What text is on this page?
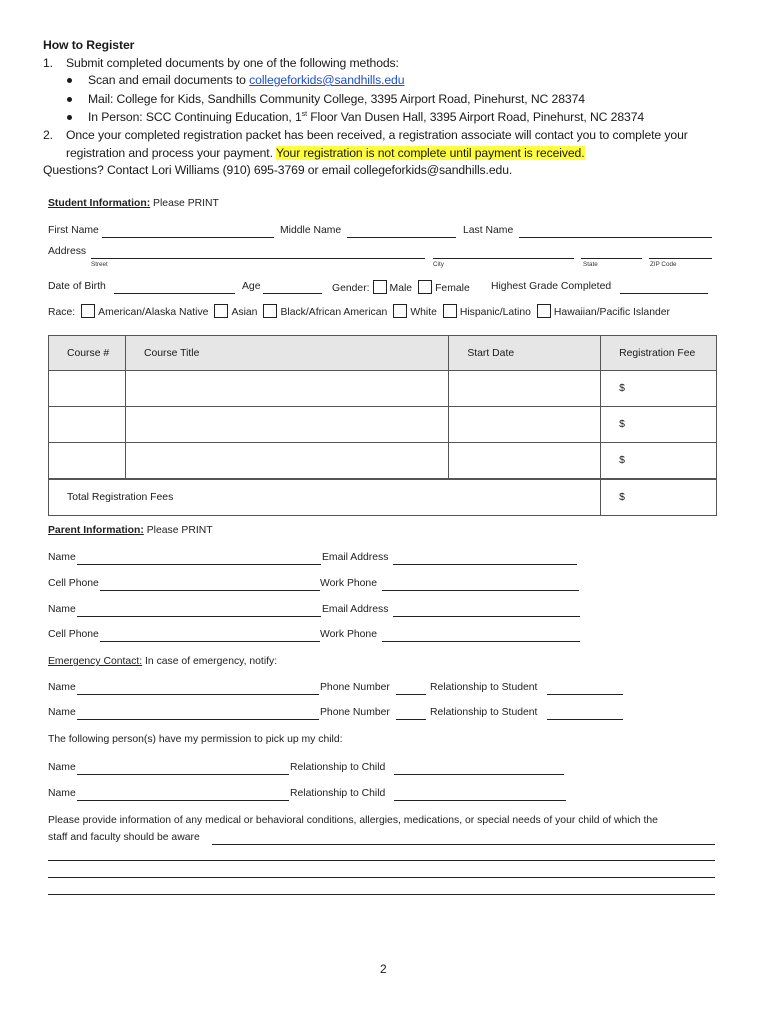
How to Register
1. Submit completed documents by one of the following methods:
Scan and email documents to collegeforkids@sandhills.edu
Mail: College for Kids, Sandhills Community College, 3395 Airport Road, Pinehurst, NC 28374
In Person: SCC Continuing Education, 1st Floor Van Dusen Hall, 3395 Airport Road, Pinehurst, NC 28374
2. Once your completed registration packet has been received, a registration associate will contact you to complete your
registration and process your payment. Your registration is not complete until payment is received.
Questions? Contact Lori Williams (910) 695-3769 or email collegeforkids@sandhills.edu.
Student Information: Please PRINT
First Name	Middle Name	Last Name
Address
Street	City	State	ZIP Code
Date of Birth	Age	Gender: Male Female Highest Grade Completed
Race: American/Alaska Native Asian Black/African American White Hispanic/Latino Hawaiian/Pacific Islander
Course #	Course Title	Start Date	Registration Fee
			$
			$
			$
Total Registration Fees			$
Parent Information: Please PRINT
Name	Email Address
Cell Phone	Work Phone
Name	Email Address
Cell Phone	Work Phone
Emergency Contact: In case of emergency, notify:
Name	Phone Number	Relationship to Student
Name	Phone Number	Relationship to Student
The following person(s) have my permission to pick up my child:
Name	Relationship to Child
Name	Relationship to Child
Please provide information of any medical or behavioral conditions, allergies, medications, or special needs of your child of which the
staff and faculty should be aware
2
